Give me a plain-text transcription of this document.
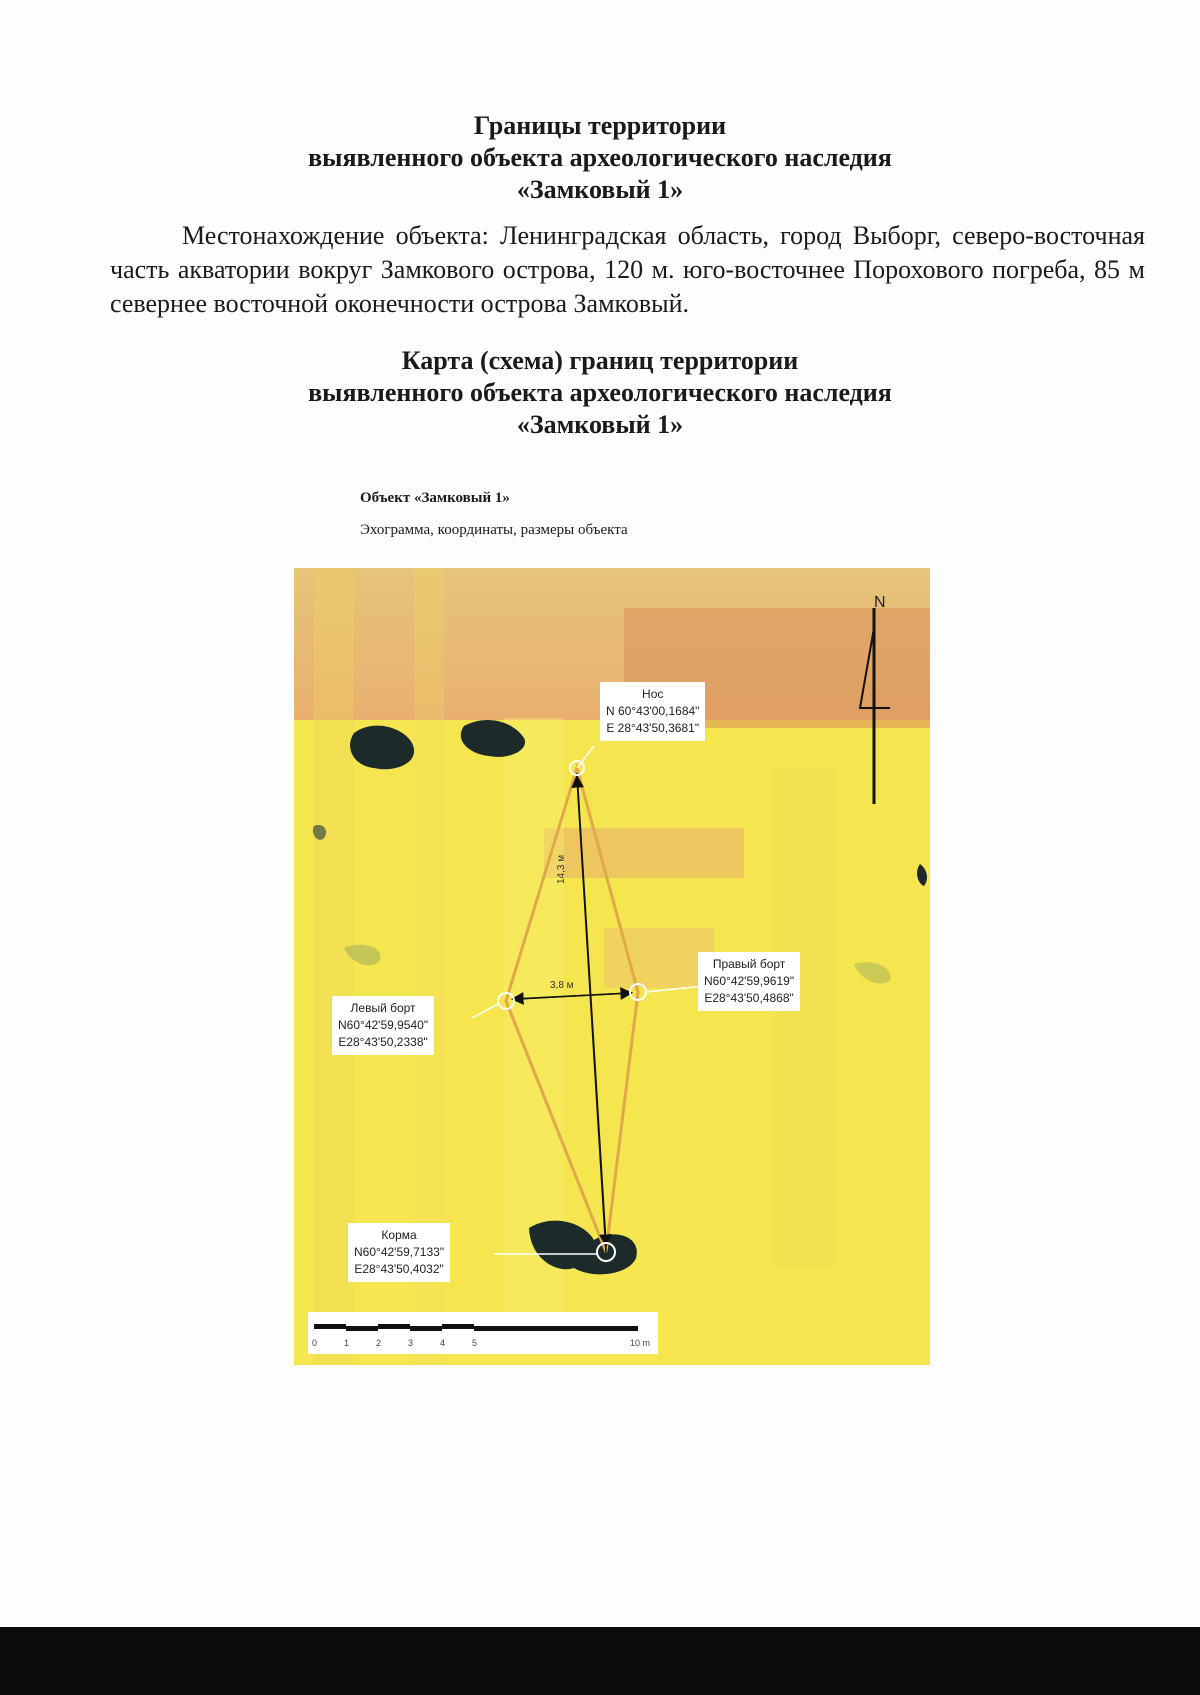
Границы территории
выявленного объекта археологического наследия
«Замковый 1»
Местонахождение объекта: Ленинградская область, город Выборг, северо-восточная часть акватории вокруг Замкового острова, 120 м. юго-восточнее Порохового погреба, 85 м севернее восточной оконечности острова Замковый.
Карта (схема) границ территории
выявленного объекта археологического наследия
«Замковый 1»
Объект «Замковый 1»
Эхограмма, координаты, размеры объекта
N
Нос
N 60°43'00,1684"
E 28°43'50,3681"
Правый борт
N60°42'59,9619"
E28°43'50,4868"
Левый борт
N60°42'59,9540"
E28°43'50,2338"
Корма
N60°42'59,7133"
E28°43'50,4032"
14,3 м
3,8 м
0	1	2	3	4	5	10 m
